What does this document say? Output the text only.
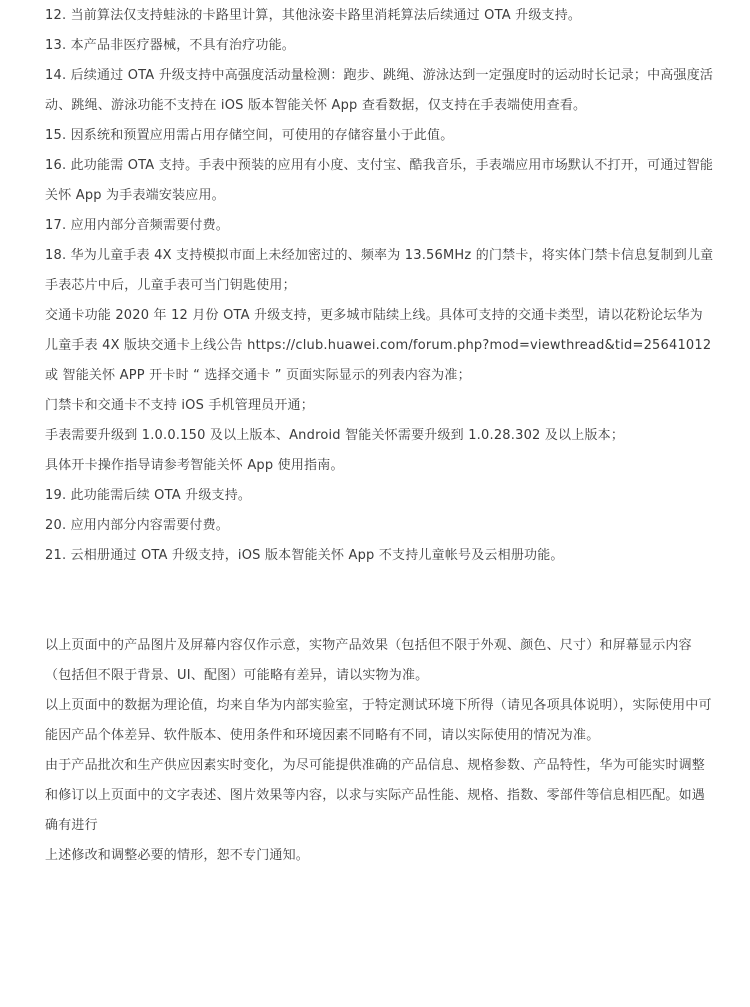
12. 当前算法仅支持蛙泳的卡路里计算，其他泳姿卡路里消耗算法后续通过 OTA 升级支持。

13. 本产品非医疗器械，不具有治疗功能。

14. 后续通过 OTA 升级支持中高强度活动量检测：跑步、跳绳、游泳达到一定强度时的运动时长记录；中高强度活动、跳绳、游泳功能不支持在 iOS 版本智能关怀 App 查看数据，仅支持在手表端使用查看。

15. 因系统和预置应用需占用存储空间，可使用的存储容量小于此值。

16. 此功能需 OTA 支持。手表中预装的应用有小度、支付宝、酷我音乐，手表端应用市场默认不打开，可通过智能关怀 App 为手表端安装应用。

17. 应用内部分音频需要付费。

18. 华为儿童手表 4X 支持模拟市面上未经加密过的、频率为 13.56MHz 的门禁卡，将实体门禁卡信息复制到儿童手表芯片中后，儿童手表可当门钥匙使用；

交通卡功能 2020 年 12 月份 OTA 升级支持，更多城市陆续上线。具体可支持的交通卡类型，请以花粉论坛华为儿童手表 4X 版块交通卡上线公告 https://club.huawei.com/forum.php?mod=viewthread&tid=25641012 或 智能关怀 APP 开卡时 “ 选择交通卡 ” 页面实际显示的列表内容为准；

门禁卡和交通卡不支持 iOS 手机管理员开通；

手表需要升级到 1.0.0.150 及以上版本、Android 智能关怀需要升级到 1.0.28.302 及以上版本；

具体开卡操作指导请参考智能关怀 App 使用指南。

19. 此功能需后续 OTA 升级支持。

20. 应用内部分内容需要付费。

21. 云相册通过 OTA 升级支持，iOS 版本智能关怀 App 不支持儿童帐号及云相册功能。

以上页面中的产品图片及屏幕内容仅作示意，实物产品效果（包括但不限于外观、颜色、尺寸）和屏幕显示内容（包括但不限于背景、UI、配图）可能略有差异，请以实物为准。

以上页面中的数据为理论值，均来自华为内部实验室，于特定测试环境下所得（请见各项具体说明），实际使用中可能因产品个体差异、软件版本、使用条件和环境因素不同略有不同，请以实际使用的情况为准。

由于产品批次和生产供应因素实时变化，为尽可能提供准确的产品信息、规格参数、产品特性，华为可能实时调整和修订以上页面中的文字表述、图片效果等内容，以求与实际产品性能、规格、指数、零部件等信息相匹配。如遇确有进行

上述修改和调整必要的情形，恕不专门通知。
